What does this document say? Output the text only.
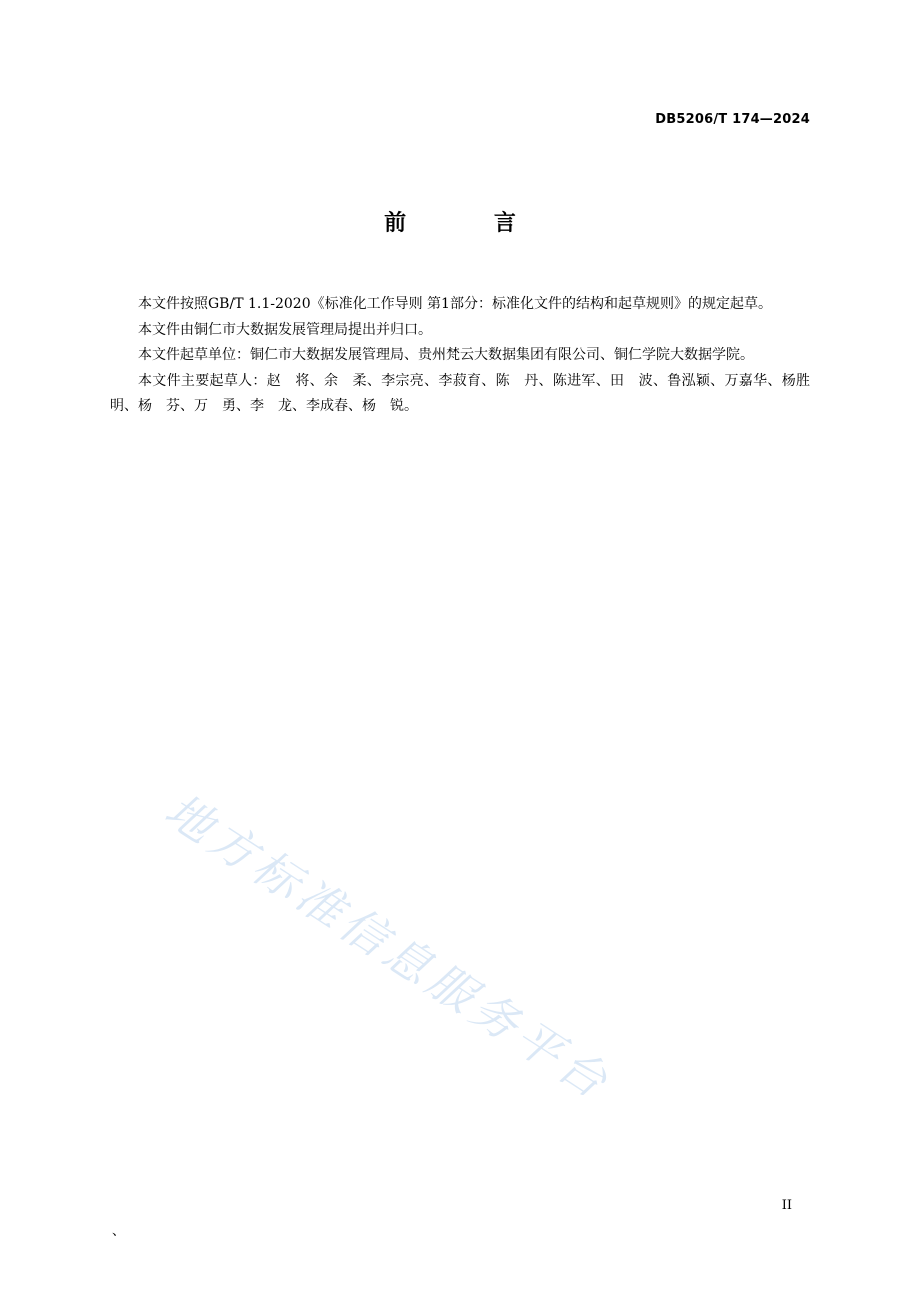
DB5206/T 174—2024
前 言

本文件按照GB/T 1.1-2020《标准化工作导则 第1部分：标准化文件的结构和起草规则》的规定起草。

本文件由铜仁市大数据发展管理局提出并归口。

本文件起草单位：铜仁市大数据发展管理局、贵州梵云大数据集团有限公司、铜仁学院大数据学院。

本文件主要起草人：赵　将、余　柔、李宗亮、李菽育、陈　丹、陈进军、田　波、鲁泓颖、万嘉华、杨胜明、杨　芬、万　勇、李　龙、李成春、杨　锐。

地方标准信息服务平台
II
、
